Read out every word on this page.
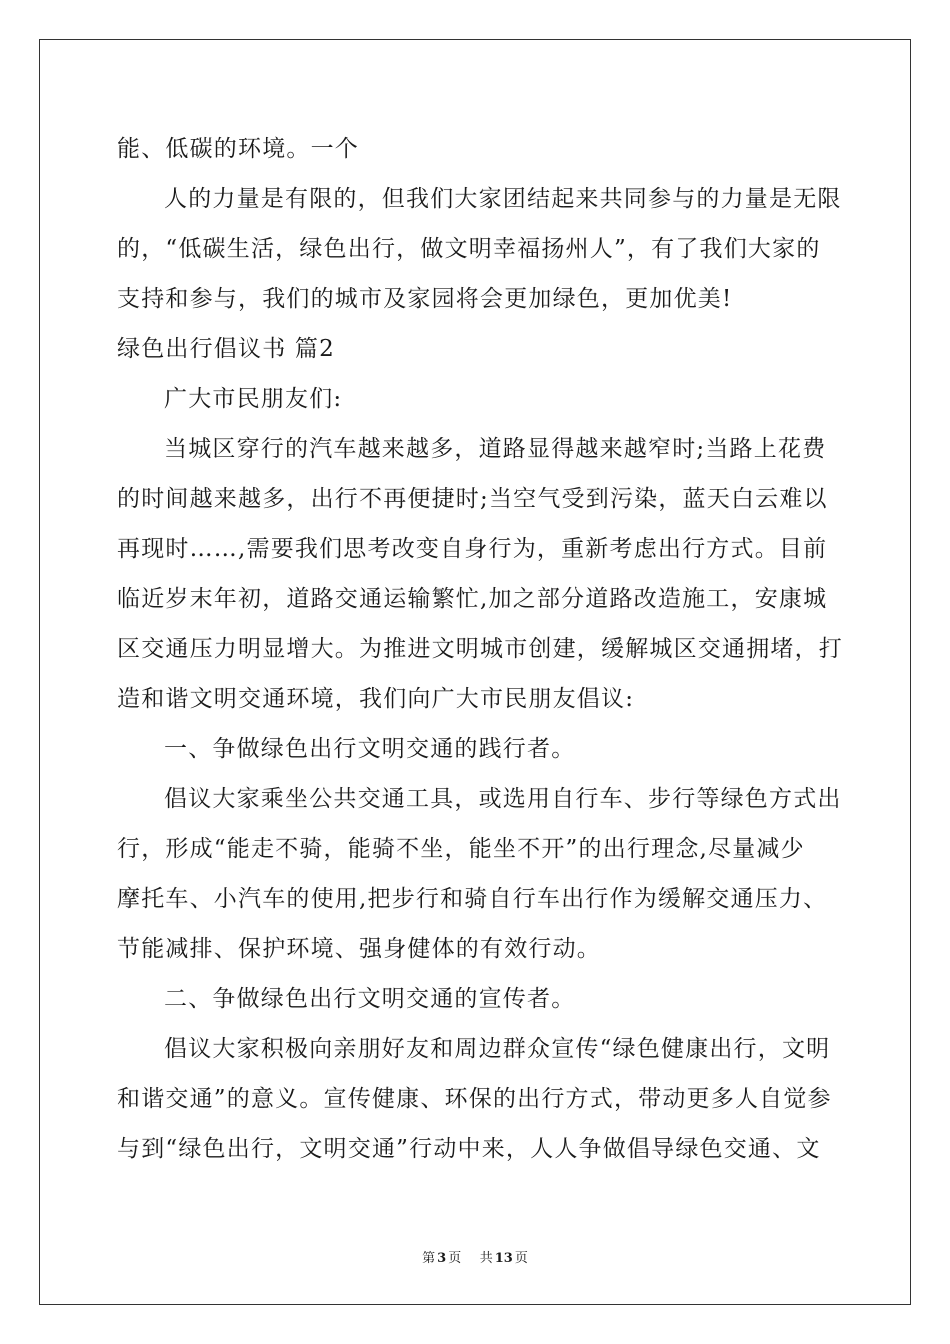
能、低碳的环境。一个
人的力量是有限的，但我们大家团结起来共同参与的力量是无限
的，“低碳生活，绿色出行，做文明幸福扬州人”，有了我们大家的
支持和参与，我们的城市及家园将会更加绿色，更加优美!
绿色出行倡议书 篇2
广大市民朋友们:
当城区穿行的汽车越来越多，道路显得越来越窄时;当路上花费
的时间越来越多，出行不再便捷时;当空气受到污染，蓝天白云难以
再现时……,需要我们思考改变自身行为，重新考虑出行方式。目前
临近岁末年初，道路交通运输繁忙,加之部分道路改造施工，安康城
区交通压力明显增大。为推进文明城市创建，缓解城区交通拥堵，打
造和谐文明交通环境，我们向广大市民朋友倡议:
一、争做绿色出行文明交通的践行者。
倡议大家乘坐公共交通工具，或选用自行车、步行等绿色方式出
行，形成“能走不骑，能骑不坐，能坐不开”的出行理念,尽量减少
摩托车、小汽车的使用,把步行和骑自行车出行作为缓解交通压力、
节能减排、保护环境、强身健体的有效行动。
二、争做绿色出行文明交通的宣传者。
倡议大家积极向亲朋好友和周边群众宣传“绿色健康出行，文明
和谐交通”的意义。宣传健康、环保的出行方式，带动更多人自觉参
与到“绿色出行，文明交通”行动中来，人人争做倡导绿色交通、文
第 3 页 共 13 页
